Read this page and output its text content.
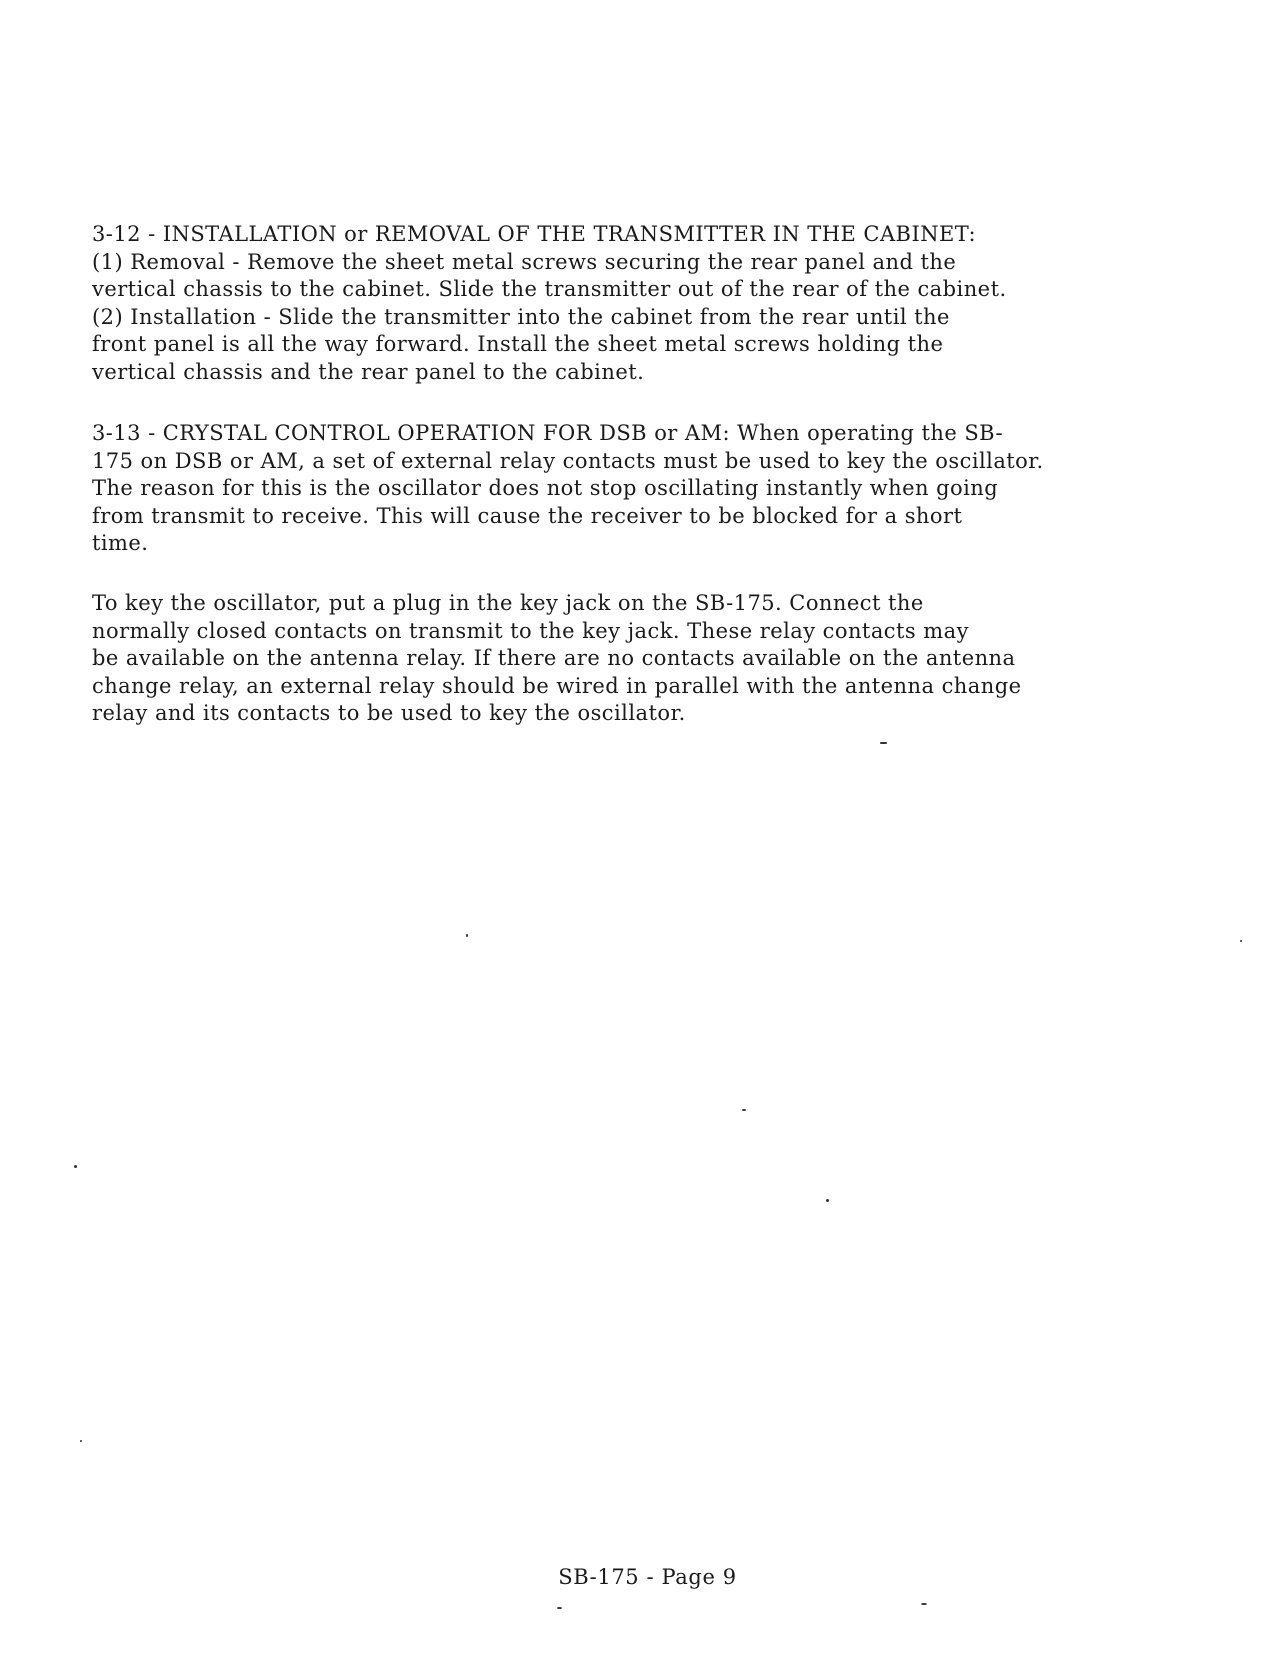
3-12 - INSTALLATION or REMOVAL OF THE TRANSMITTER IN THE CABINET:
(1) Removal - Remove the sheet metal screws securing the rear panel and the
vertical chassis to the cabinet. Slide the transmitter out of the rear of the cabinet.
(2) Installation - Slide the transmitter into the cabinet from the rear until the
front panel is all the way forward. Install the sheet metal screws holding the
vertical chassis and the rear panel to the cabinet.
3-13 - CRYSTAL CONTROL OPERATION FOR DSB or AM: When operating the SB-
175 on DSB or AM, a set of external relay contacts must be used to key the oscillator.
The reason for this is the oscillator does not stop oscillating instantly when going
from transmit to receive. This will cause the receiver to be blocked for a short
time.
To key the oscillator, put a plug in the key jack on the SB-175. Connect the
normally closed contacts on transmit to the key jack. These relay contacts may
be available on the antenna relay. If there are no contacts available on the antenna
change relay, an external relay should be wired in parallel with the antenna change
relay and its contacts to be used to key the oscillator.
SB-175 - Page 9
